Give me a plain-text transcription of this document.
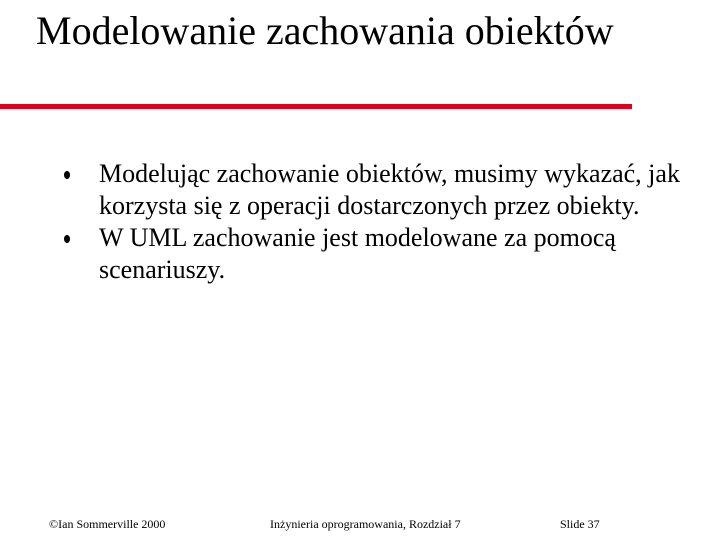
Modelowanie zachowania obiektów
Modelując zachowanie obiektów, musimy wykazać, jak korzysta się z operacji dostarczonych przez obiekty.
W UML zachowanie jest modelowane za pomocą scenariuszy.
©Ian Sommerville 2000	Inżynieria oprogramowania, Rozdział 7	Slide 37
